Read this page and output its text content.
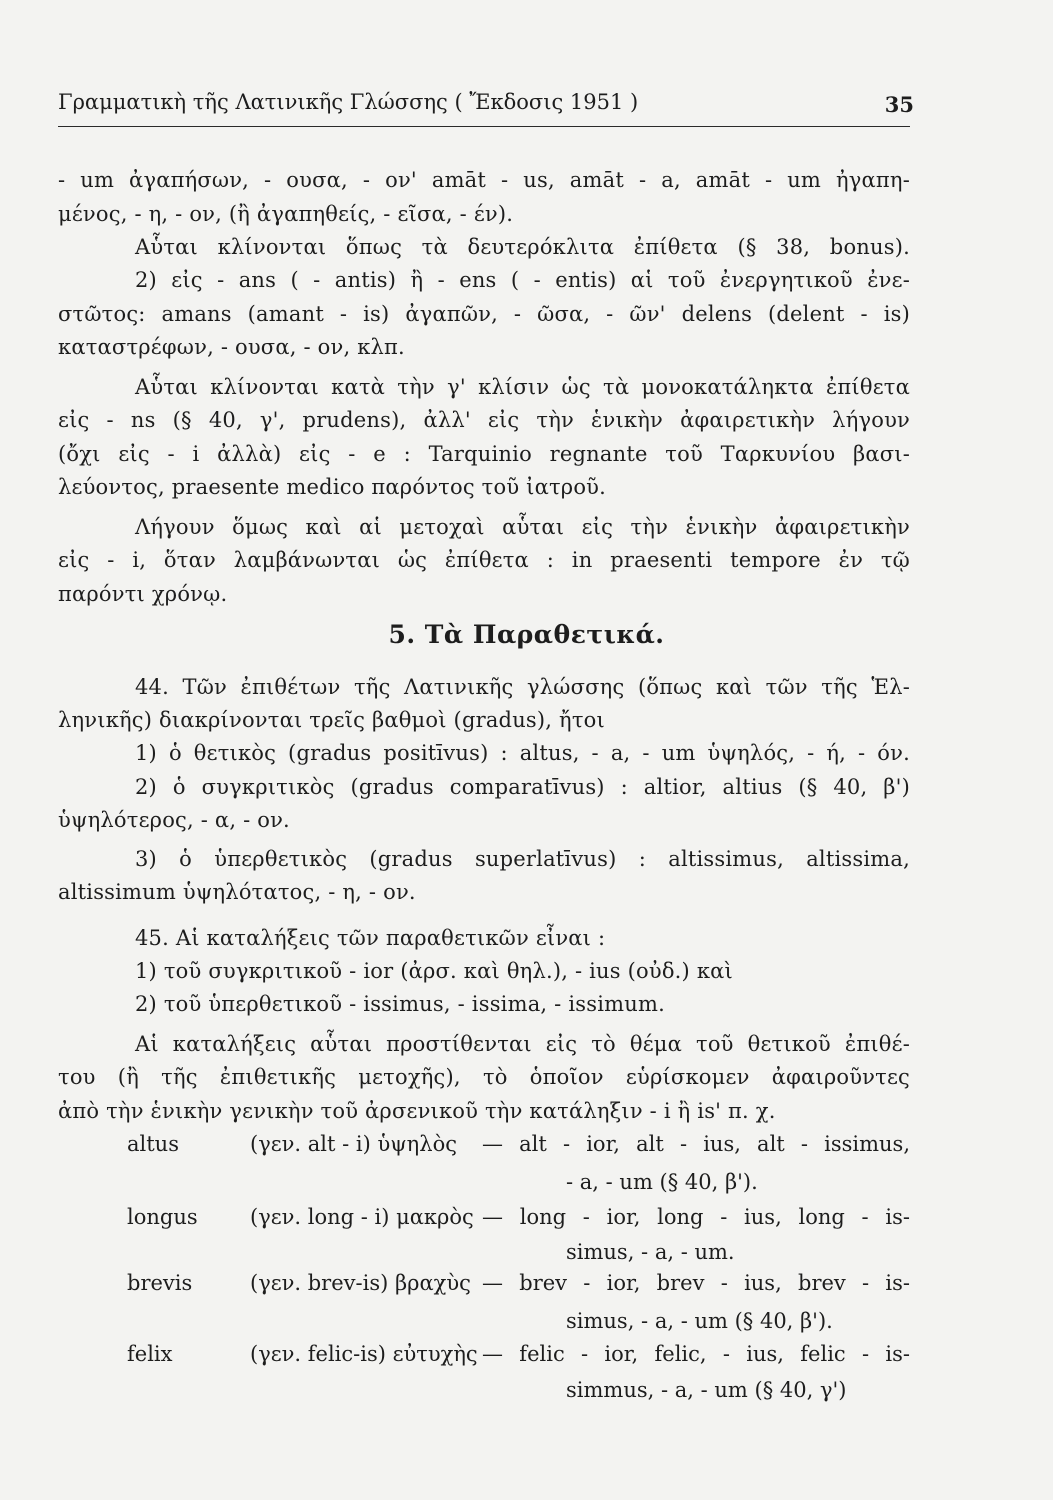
Γραμματικὴ τῆς Λατινικῆς Γλώσσης ( Ἔκδοσις 1951 )	35
- um ἀγαπήσων, - ουσα, - ον' amāt - us, amāt - a, amāt - um ἠγαπη-
μένος, - η, - ον, (ἢ ἀγαπηθείς, - εῖσα, - έν).
Αὗται κλίνονται ὅπως τὰ δευτερόκλιτα ἐπίθετα (§ 38, bonus).
2) εἰς - ans ( - antis) ἢ - ens ( - entis) αἱ τοῦ ἐνεργητικοῦ ἐνε-
στῶτος: amans (amant - is) ἀγαπῶν, - ῶσα, - ῶν' delens (delent - is)
καταστρέφων, - ουσα, - ον, κλπ.
Αὗται κλίνονται κατὰ τὴν γ' κλίσιν ὡς τὰ μονοκατάληκτα ἐπίθετα
εἰς - ns (§ 40, γ', prudens), ἀλλ' εἰς τὴν ἑνικὴν ἀφαιρετικὴν λήγουν
(ὄχι εἰς - i ἀλλὰ) εἰς - e : Tarquinio regnante τοῦ Ταρκυνίου βασι-
λεύοντος, praesente medico παρόντος τοῦ ἰατροῦ.
Λήγουν ὅμως καὶ αἱ μετοχαὶ αὗται εἰς τὴν ἑνικὴν ἀφαιρετικὴν
εἰς - i, ὅταν λαμβάνωνται ὡς ἐπίθετα : in praesenti tempore ἐν τῷ
παρόντι χρόνῳ.
5. Τὰ Παραθετικά.
44. Τῶν ἐπιθέτων τῆς Λατινικῆς γλώσσης (ὅπως καὶ τῶν τῆς Ἑλ-
ληνικῆς) διακρίνονται τρεῖς βαθμοὶ (gradus), ἤτοι
1) ὁ θετικὸς (gradus positīvus) : altus, - a, - um ὑψηλός, - ή, - όν.
2) ὁ συγκριτικὸς (gradus comparatīvus) : altior, altius (§ 40, β')
ὑψηλότερος, - α, - ον.
3) ὁ ὑπερθετικὸς (gradus superlatīvus) : altissimus, altissima,
altissimum ὑψηλότατος, - η, - ον.
45. Αἱ καταλήξεις τῶν παραθετικῶν εἶναι :
1) τοῦ συγκριτικοῦ - ior (ἀρσ. καὶ θηλ.), - ius (οὐδ.) καὶ
2) τοῦ ὑπερθετικοῦ - issimus, - issima, - issimum.
Αἱ καταλήξεις αὗται προστίθενται εἰς τὸ θέμα τοῦ θετικοῦ ἐπιθέ-
του (ἢ τῆς ἐπιθετικῆς μετοχῆς), τὸ ὁποῖον εὑρίσκομεν ἀφαιροῦντες
ἀπὸ τὴν ἑνικὴν γενικὴν τοῦ ἀρσενικοῦ τὴν κατάληξιν - i ἢ is' π. χ.
altus	(γεν. alt - i) ὑψηλὸς — alt - ior, alt - ius, alt - issimus,
- a, - um (§ 40, β').
longus (γεν. long - i) μακρὸς — long - ior, long - ius, long - is-
simus, - a, - um.
brevis	(γεν. brev-is) βραχὺς — brev - ior, brev - ius, brev - is-
simus, - a, - um (§ 40, β').
felix	(γεν. felic-is) εὐτυχὴς — felic - ior, felic, - ius, felic - is-
simmus, - a, - um (§ 40, γ')
